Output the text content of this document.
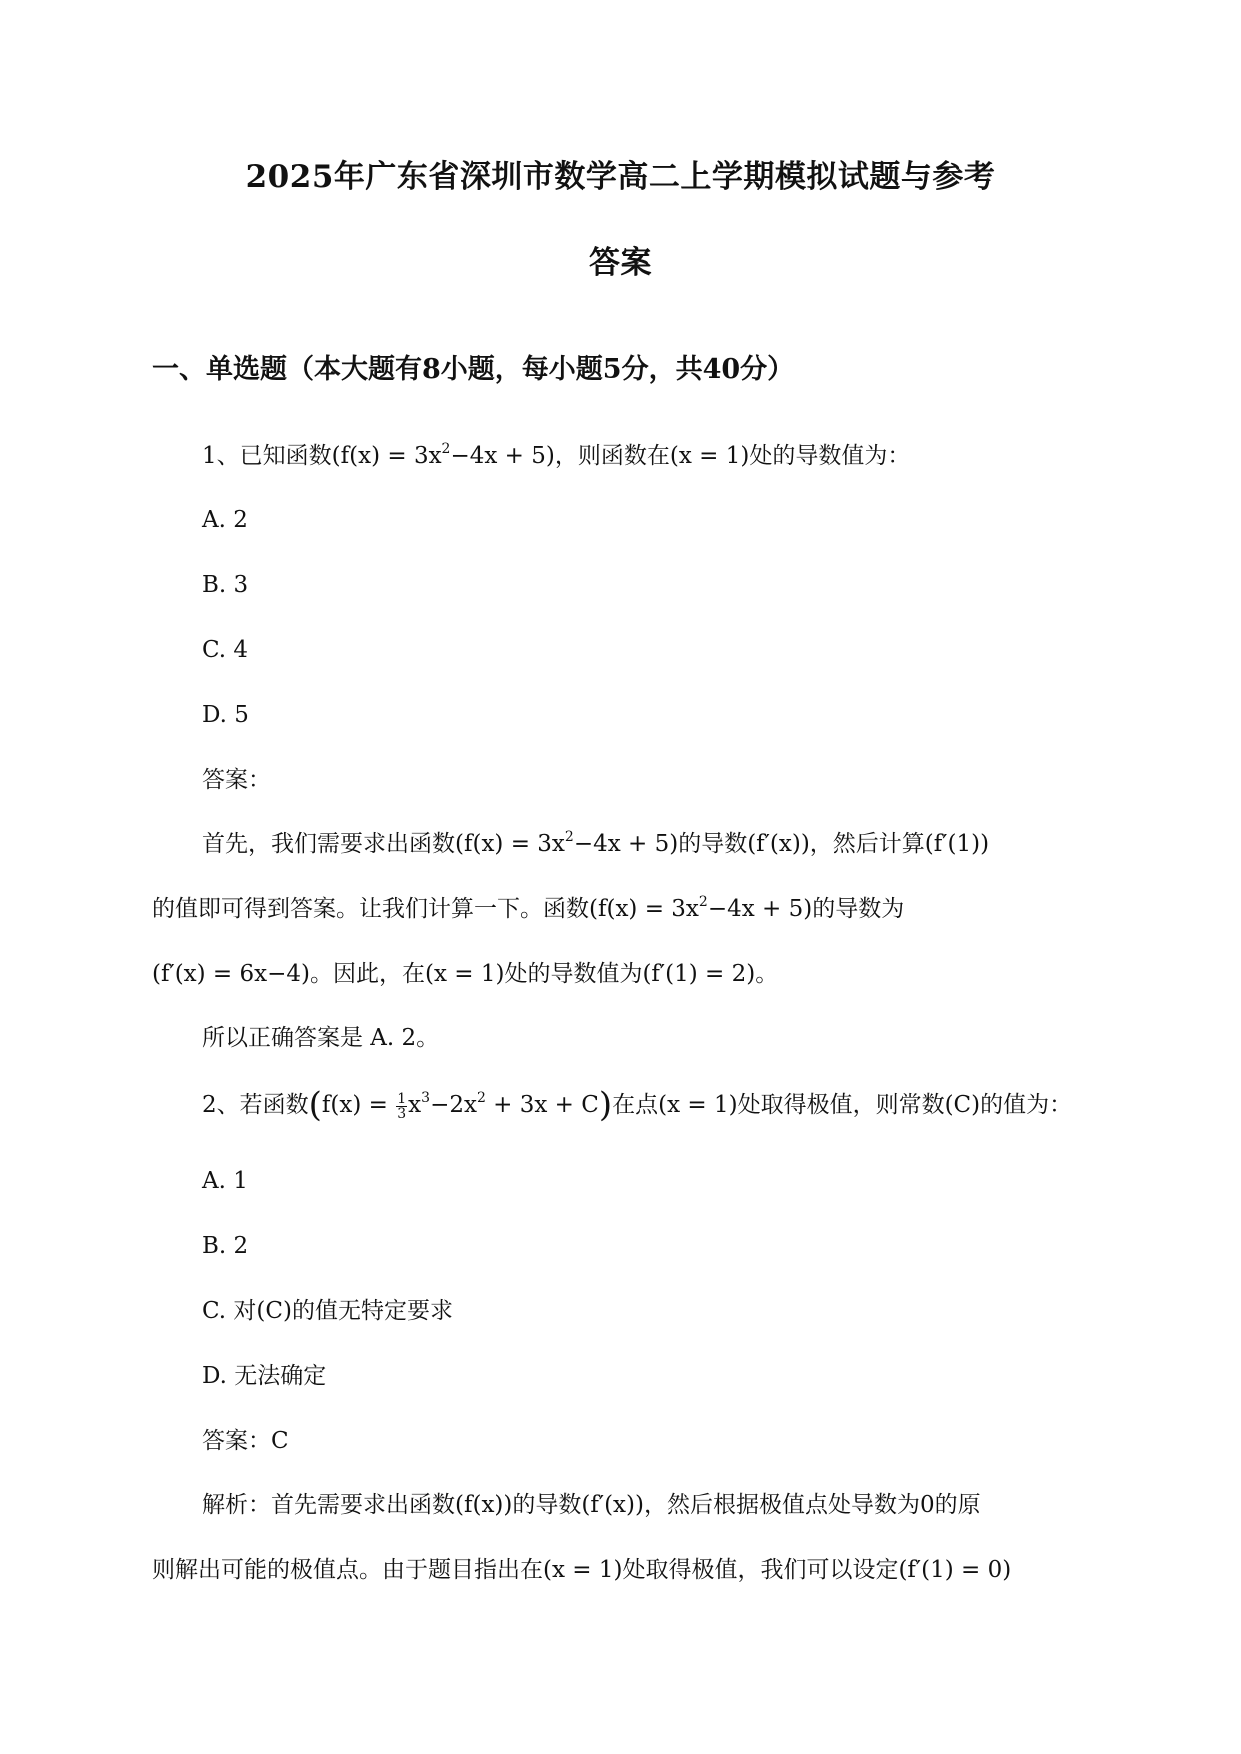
2025年广东省深圳市数学高二上学期模拟试题与参考
答案
一、单选题（本大题有8小题，每小题5分，共40分）
1、已知函数$(f(x) = 3x^2-4x + 5)$，则函数在(x = 1)处的导数值为：
A. 2
B. 3
C. 4
D. 5
答案：
首先，我们需要求出函数$(f(x) = 3x^2-4x + 5)$的导数(f′(x))，然后计算(f′(1))
的值即可得到答案。让我们计算一下。函数$(f(x) = 3x^2-4x + 5)$的导数为
(f′(x) = 6x−4)。因此，在(x = 1)处的导数值为(f′(1) = 2)。
所以正确答案是 A. 2。
2、若函数$(f(x) = \frac{1}{3} x^3-2x^2 + 3x + C)$在点(x = 1)处取得极值，则常数(C)的值为：
A. 1
B. 2
C. 对(C)的值无特定要求
D. 无法确定
答案：C
解析：首先需要求出函数(f(x))的导数(f′(x))，然后根据极值点处导数为0的原
则解出可能的极值点。由于题目指出在(x = 1)处取得极值，我们可以设定(f′(1) = 0)
